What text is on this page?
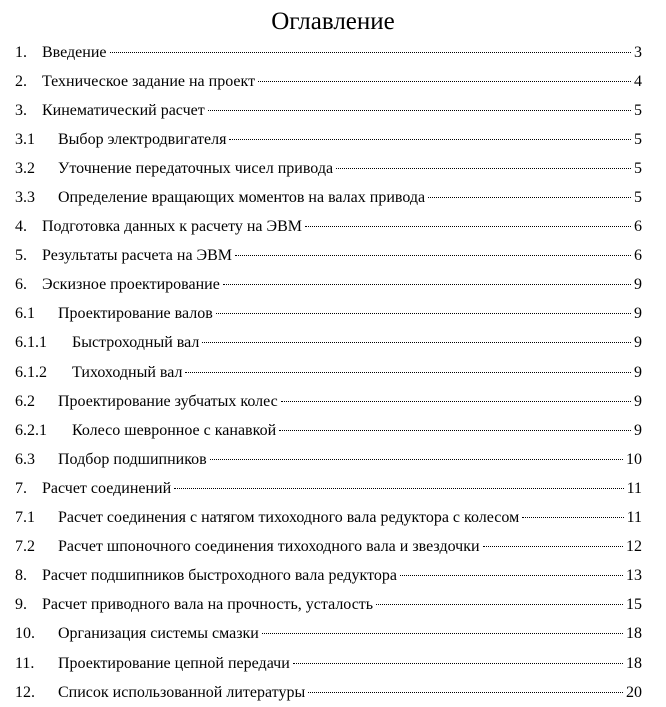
Оглавление
1. Введение	3
2. Техническое задание на проект	4
3. Кинематический расчет	5
3.1 Выбор электродвигателя	5
3.2 Уточнение передаточных чисел привода	5
3.3 Определение вращающих моментов на валах привода	5
4. Подготовка данных к расчету на ЭВМ	6
5. Результаты расчета на ЭВМ	6
6. Эскизное проектирование	9
6.1 Проектирование валов	9
6.1.1 Быстроходный вал	9
6.1.2 Тихоходный вал	9
6.2 Проектирование зубчатых колес	9
6.2.1 Колесо шевронное с канавкой	9
6.3 Подбор подшипников	10
7. Расчет соединений	11
7.1 Расчет соединения с натягом тихоходного вала редуктора с колесом	11
7.2 Расчет шпоночного соединения тихоходного вала и звездочки	12
8. Расчет подшипников быстроходного вала редуктора	13
9. Расчет приводного вала на прочность, усталость	15
10. Организация системы смазки	18
11. Проектирование цепной передачи	18
12. Список использованной литературы	20
